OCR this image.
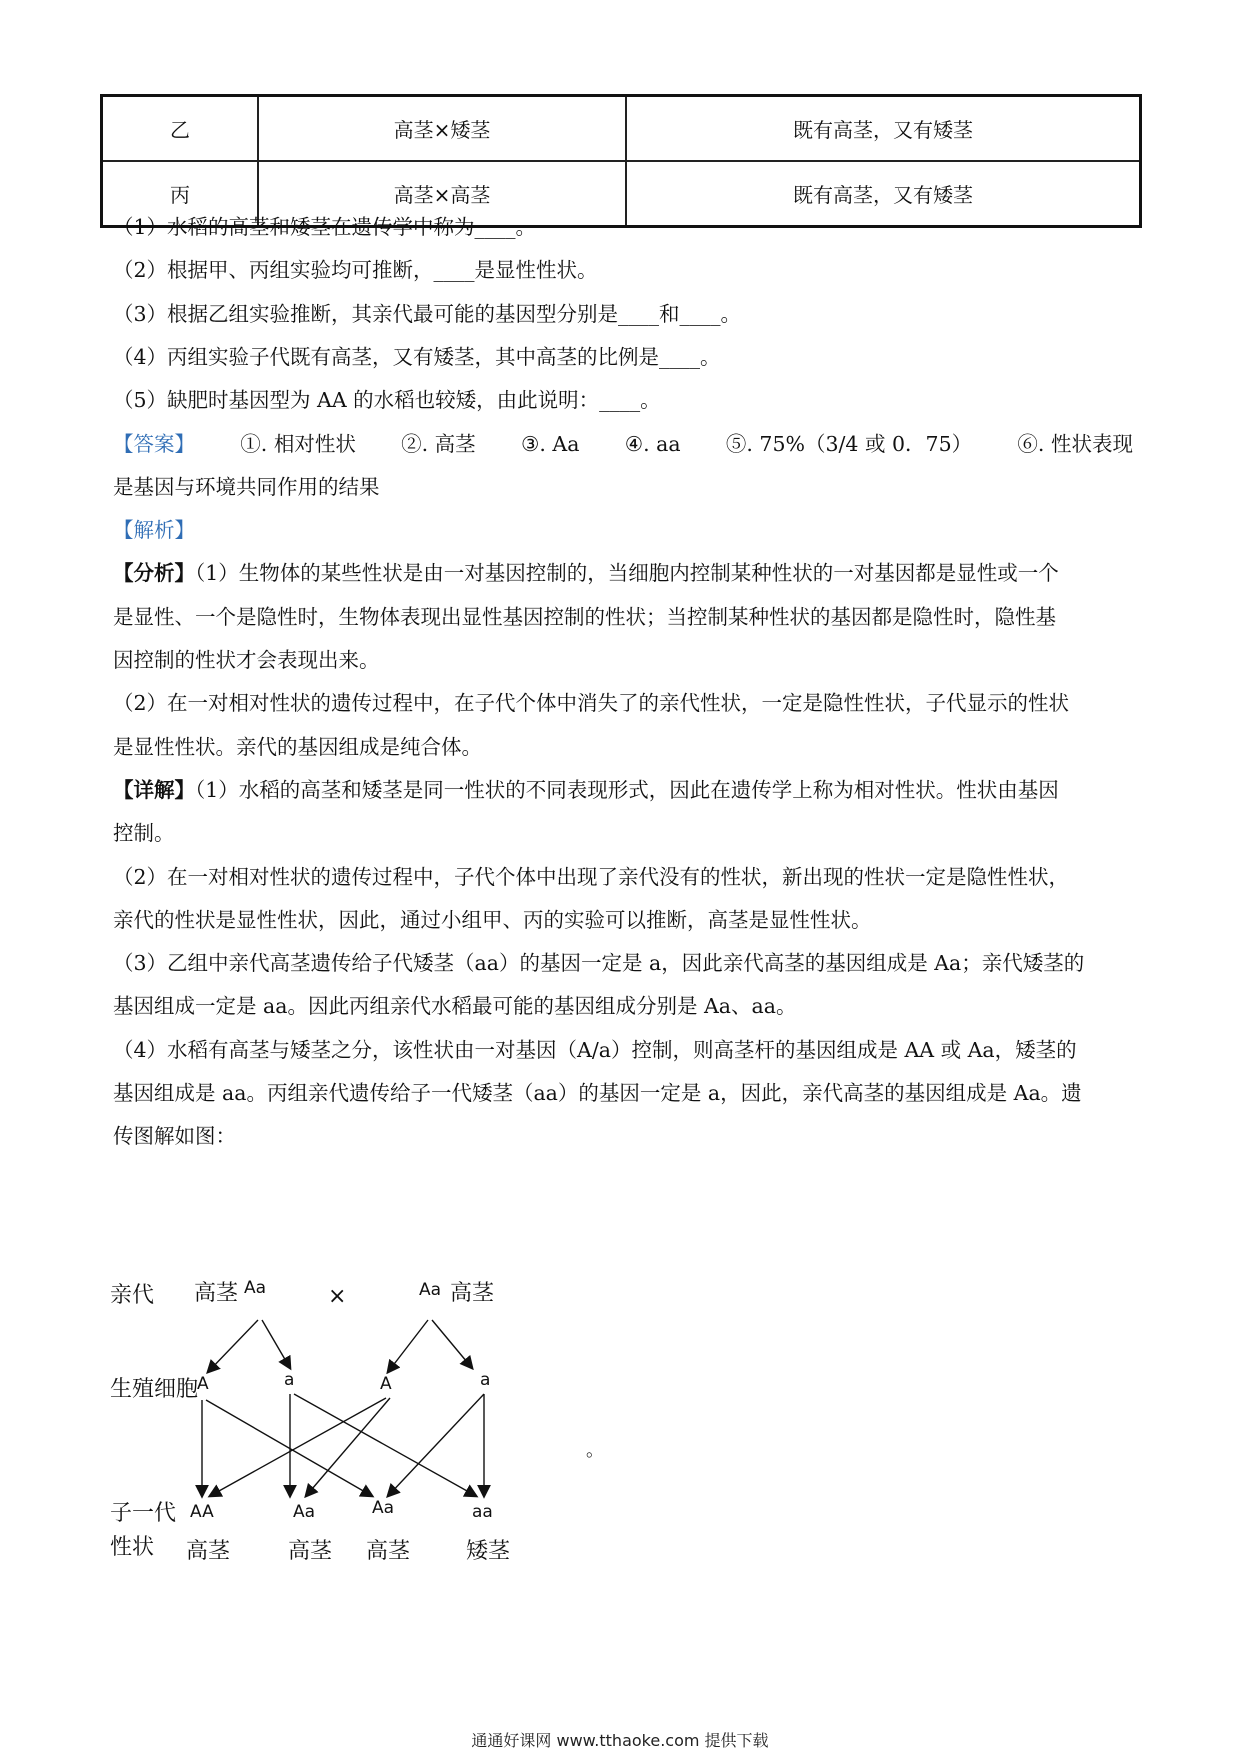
乙	高茎×矮茎	既有高茎，又有矮茎
丙	高茎×高茎	既有高茎，又有矮茎
（1）水稻的高茎和矮茎在遗传学中称为____。
（2）根据甲、丙组实验均可推断，____是显性性状。
（3）根据乙组实验推断，其亲代最可能的基因型分别是____和____。
（4）丙组实验子代既有高茎，又有矮茎，其中高茎的比例是____。
（5）缺肥时基因型为 AA 的水稻也较矮，由此说明：____。
【答案】 ①. 相对性状 ②. 高茎 ③. Aa ④. aa ⑤. 75%（3/4 或 0．75） ⑥. 性状表现
是基因与环境共同作用的结果
【解析】
【分析】（1）生物体的某些性状是由一对基因控制的，当细胞内控制某种性状的一对基因都是显性或一个
是显性、一个是隐性时，生物体表现出显性基因控制的性状；当控制某种性状的基因都是隐性时，隐性基
因控制的性状才会表现出来。
（2）在一对相对性状的遗传过程中，在子代个体中消失了的亲代性状，一定是隐性性状，子代显示的性状
是显性性状。亲代的基因组成是纯合体。
【详解】（1）水稻的高茎和矮茎是同一性状的不同表现形式，因此在遗传学上称为相对性状。性状由基因
控制。
（2）在一对相对性状的遗传过程中，子代个体中出现了亲代没有的性状，新出现的性状一定是隐性性状，
亲代的性状是显性性状，因此，通过小组甲、丙的实验可以推断，高茎是显性性状。
（3）乙组中亲代高茎遗传给子代矮茎（aa）的基因一定是 a，因此亲代高茎的基因组成是 Aa；亲代矮茎的
基因组成一定是 aa。因此丙组亲代水稻最可能的基因组成分别是 Aa、aa。
（4）水稻有高茎与矮茎之分，该性状由一对基因（A/a）控制，则高茎杆的基因组成是 AA 或 Aa，矮茎的
基因组成是 aa。丙组亲代遗传给子一代矮茎（aa）的基因一定是 a，因此，亲代高茎的基因组成是 Aa。遗
传图解如图：
亲代 高茎 Aa	×	Aa 高茎
生殖细胞
A	a	A	a
子一代
性状
AA	Aa	Aa	aa
高茎	高茎 高茎	矮茎
。
通通好课网 www.tthaoke.com 提供下载
